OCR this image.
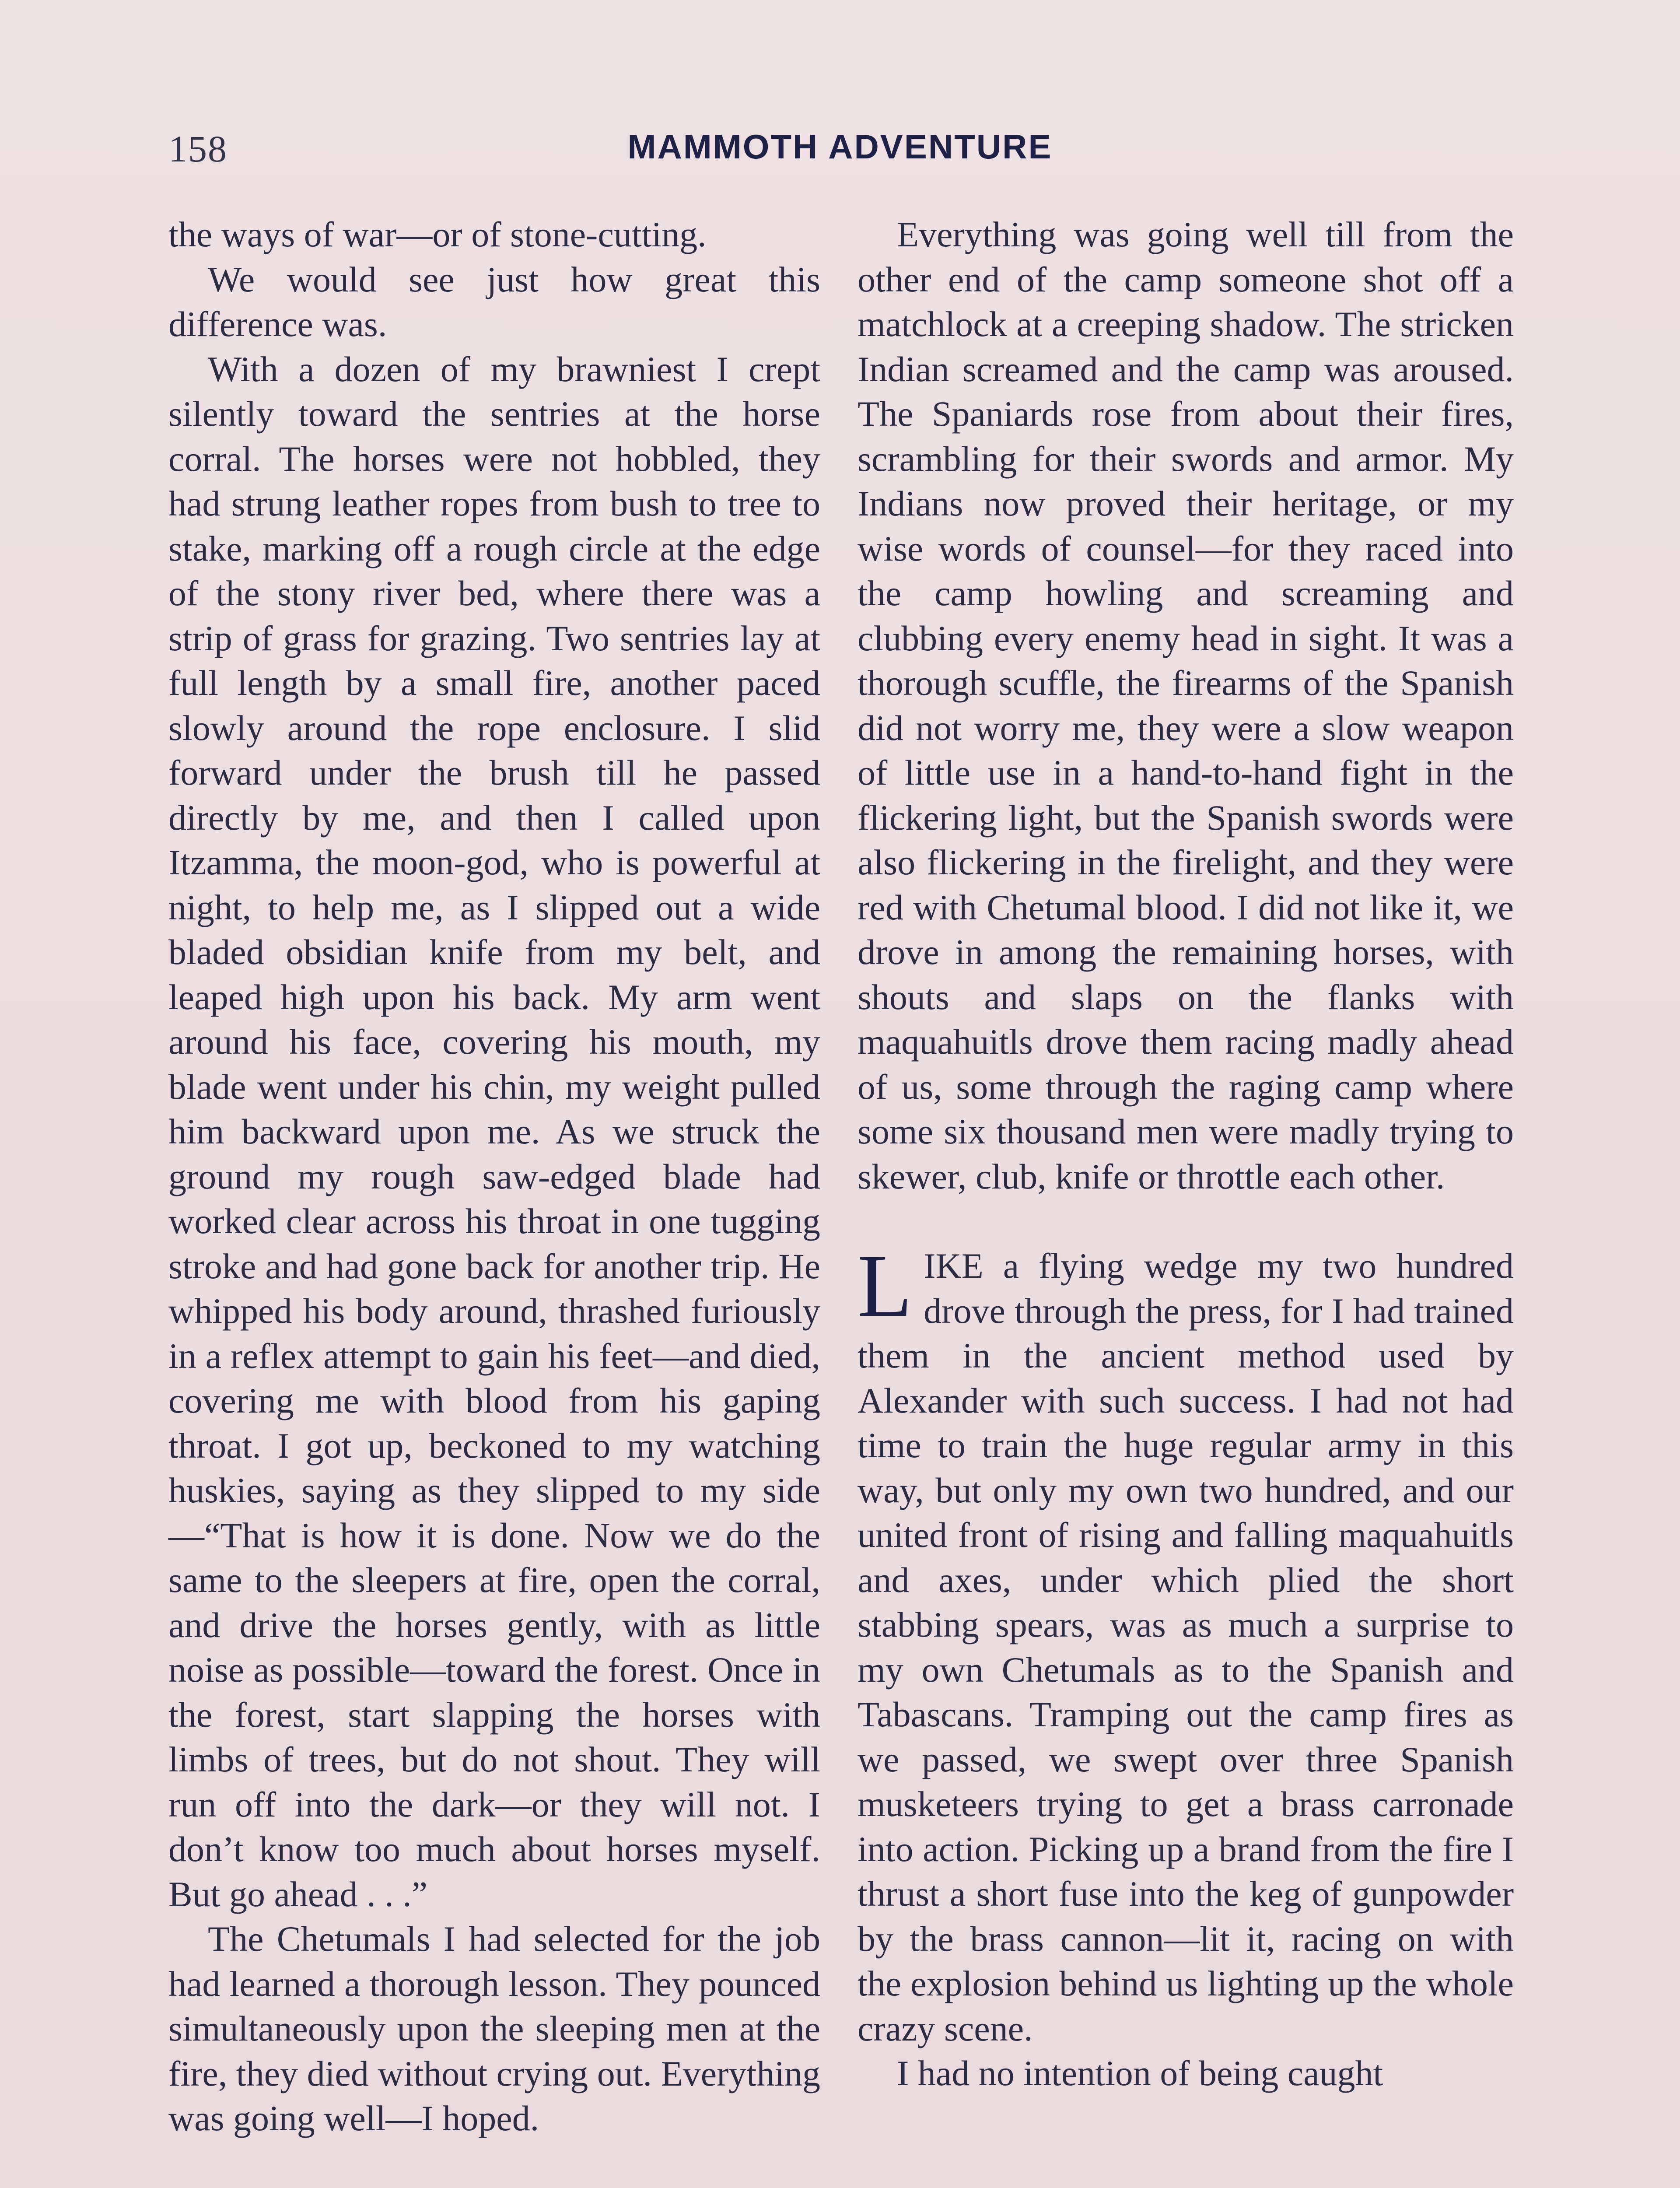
158	MAMMOTH ADVENTURE

the ways of war—or of stone-cutting.

We would see just how great this difference was.

With a dozen of my brawniest I crept silently toward the sentries at the horse corral. The horses were not hobbled, they had strung leather ropes from bush to tree to stake, marking off a rough circle at the edge of the stony river bed, where there was a strip of grass for grazing. Two sentries lay at full length by a small fire, another paced slowly around the rope enclosure. I slid forward under the brush till he passed directly by me, and then I called upon Itzamma, the moon-god, who is powerful at night, to help me, as I slipped out a wide bladed obsidian knife from my belt, and leaped high upon his back. My arm went around his face, covering his mouth, my blade went under his chin, my weight pulled him backward upon me. As we struck the ground my rough saw-edged blade had worked clear across his throat in one tugging stroke and had gone back for another trip. He whipped his body around, thrashed furiously in a reflex attempt to gain his feet—and died, covering me with blood from his gaping throat. I got up, beckoned to my watching huskies, saying as they slipped to my side—“That is how it is done. Now we do the same to the sleepers at fire, open the corral, and drive the horses gently, with as little noise as possible—toward the forest. Once in the forest, start slapping the horses with limbs of trees, but do not shout. They will run off into the dark—or they will not. I don’t know too much about horses myself. But go ahead . . .”

The Chetumals I had selected for the job had learned a thorough lesson. They pounced simultaneously upon the sleeping men at the fire, they died without crying out. Everything was going well—I hoped.

Everything was going well till from the other end of the camp someone shot off a matchlock at a creeping shadow. The stricken Indian screamed and the camp was aroused. The Spaniards rose from about their fires, scrambling for their swords and armor. My Indians now proved their heritage, or my wise words of counsel—for they raced into the camp howling and screaming and clubbing every enemy head in sight. It was a thorough scuffle, the firearms of the Spanish did not worry me, they were a slow weapon of little use in a hand-to-hand fight in the flickering light, but the Spanish swords were also flickering in the firelight, and they were red with Chetumal blood. I did not like it, we drove in among the remaining horses, with shouts and slaps on the flanks with maquahuitls drove them racing madly ahead of us, some through the raging camp where some six thousand men were madly trying to skewer, club, knife or throttle each other.

LIKE a flying wedge my two hundred drove through the press, for I had trained them in the ancient method used by Alexander with such success. I had not had time to train the huge regular army in this way, but only my own two hundred, and our united front of rising and falling maquahuitls and axes, under which plied the short stabbing spears, was as much a surprise to my own Chetumals as to the Spanish and Tabascans. Tramping out the camp fires as we passed, we swept over three Spanish musketeers trying to get a brass carronade into action. Picking up a brand from the fire I thrust a short fuse into the keg of gunpowder by the brass cannon—lit it, racing on with the explosion behind us lighting up the whole crazy scene.

I had no intention of being caught
